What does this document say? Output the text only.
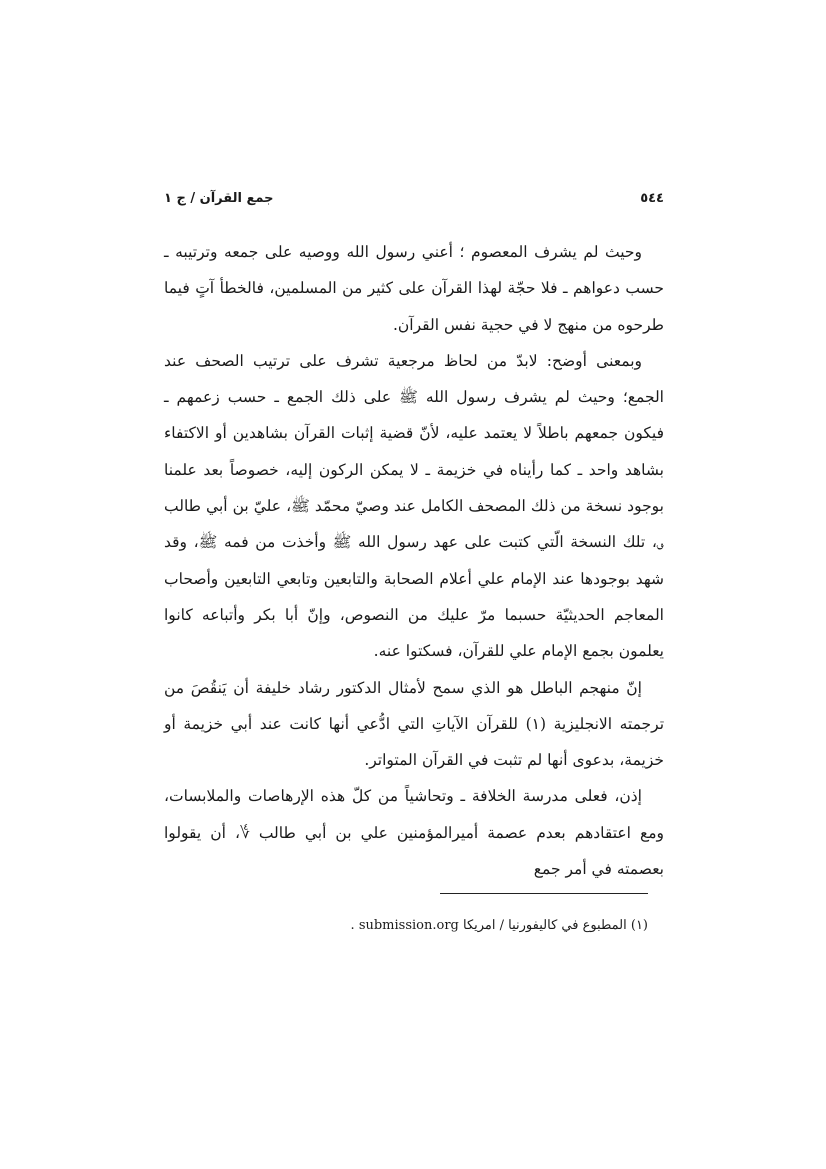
٥٤٤
جمع القرآن / ج ١

وحيث لم يشرف المعصوم ؛ أعني رسول الله ووصيه على جمعه وترتيبه ـ حسب دعواهم ـ فلا حجّة لهذا القرآن على كثير من المسلمين، فالخطأ آتٍ فيما طرحوه من منهج لا في حجية نفس القرآن.

وبمعنى أوضح: لابدّ من لحاظ مرجعية تشرف على ترتيب الصحف عند الجمع؛ وحيث لم يشرف رسول الله ﷺ على ذلك الجمع ـ حسب زعمهم ـ فيكون جمعهم باطلاً لا يعتمد عليه، لأنّ قضية إثبات القرآن بشاهدين أو الاكتفاء بشاهد واحد ـ كما رأيناه في خزيمة ـ لا يمكن الركون إليه، خصوصاً بعد علمنا بوجود نسخة من ذلك المصحف الكامل عند وصيّ محمّد ﷺ، عليّ بن أبي طالب ؈، تلك النسخة الّتي كتبت على عهد رسول الله ﷺ وأخذت من فمه ﷺ، وقد شهد بوجودها عند الإمام علي أعلام الصحابة والتابعين وتابعي التابعين وأصحاب المعاجم الحديثيّة حسبما مرّ عليك من النصوص، وإنّ أبا بكر وأتباعه كانوا يعلمون بجمع الإمام علي للقرآن، فسكتوا عنه.

إنّ منهجم الباطل هو الذي سمح لأمثال الدكتور رشاد خليفة أن يَنقُصَ من ترجمته الانجليزية (١) للقرآن الآياتِ التي ادُّعي أنها كانت عند أبي خزيمة أو خزيمة، بدعوى أنها لم تثبت في القرآن المتواتر.

إذن، فعلى مدرسة الخلافة ـ وتحاشياً من كلّ هذه الإرهاصات والملابسات، ومع اعتقادهم بعدم عصمة أميرالمؤمنين علي بن أبي طالب ؇، أن يقولوا بعصمته في أمر جمع

(١) المطبوع في كاليفورنيا / امريكا submission.org .
